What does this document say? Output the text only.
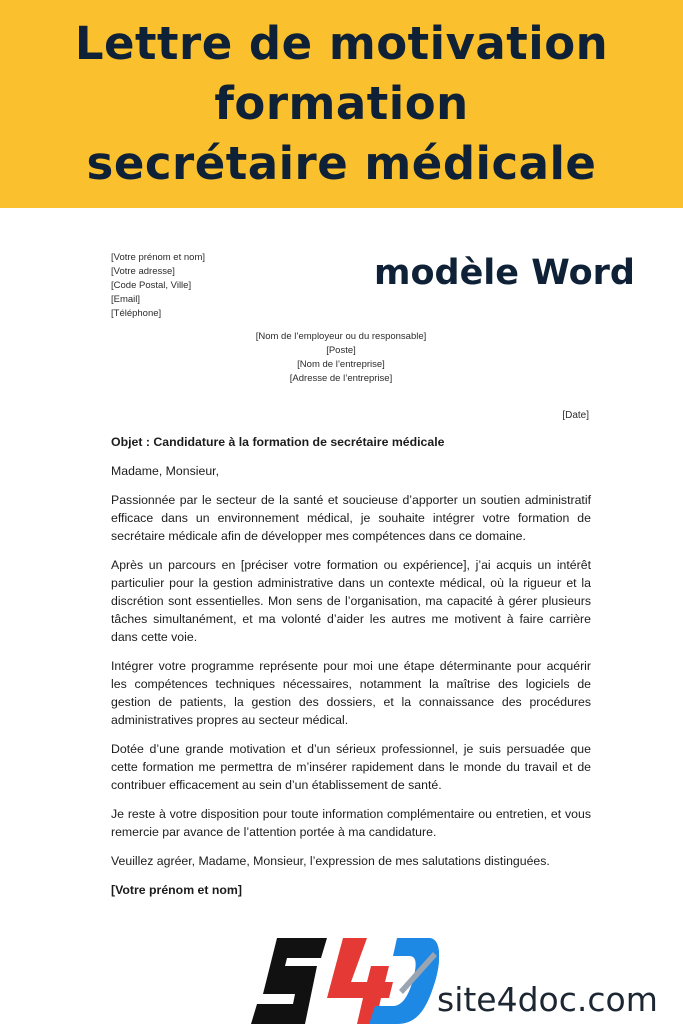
Lettre de motivation
formation
secrétaire médicale
modèle Word
[Votre prénom et nom]
[Votre adresse]
[Code Postal, Ville]
[Email]
[Téléphone]
[Nom de l’employeur ou du responsable]
[Poste]
[Nom de l’entreprise]
[Adresse de l’entreprise]
[Date]
Objet : Candidature à la formation de secrétaire médicale

Madame, Monsieur,

Passionnée par le secteur de la santé et soucieuse d’apporter un soutien administratif efficace dans un environnement médical, je souhaite intégrer votre formation de secrétaire médicale afin de développer mes compétences dans ce domaine.

Après un parcours en [préciser votre formation ou expérience], j’ai acquis un intérêt particulier pour la gestion administrative dans un contexte médical, où la rigueur et la discrétion sont essentielles. Mon sens de l’organisation, ma capacité à gérer plusieurs tâches simultanément, et ma volonté d’aider les autres me motivent à faire carrière dans cette voie.

Intégrer votre programme représente pour moi une étape déterminante pour acquérir les compétences techniques nécessaires, notamment la maîtrise des logiciels de gestion de patients, la gestion des dossiers, et la connaissance des procédures administratives propres au secteur médical.

Dotée d’une grande motivation et d’un sérieux professionnel, je suis persuadée que cette formation me permettra de m’insérer rapidement dans le monde du travail et de contribuer efficacement au sein d’un établissement de santé.

Je reste à votre disposition pour toute information complémentaire ou entretien, et vous remercie par avance de l’attention portée à ma candidature.

Veuillez agréer, Madame, Monsieur, l’expression de mes salutations distinguées.

[Votre prénom et nom]
site4doc.com
